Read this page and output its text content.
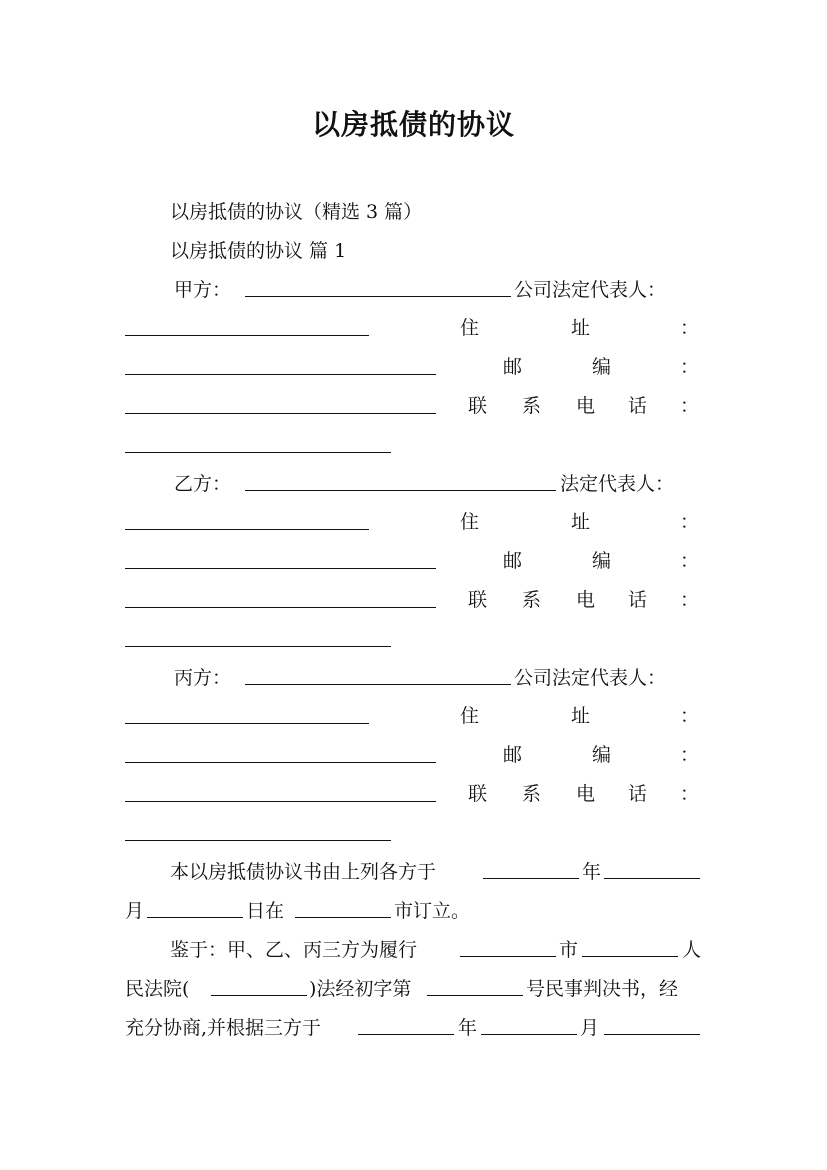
以房抵债的协议
以房抵债的协议（精选 3 篇）
以房抵债的协议 篇 1
甲方：	公司法定代表人：
住	址	：
邮	编	：
联 系 电 话 ：
乙方：	法定代表人：
住	址	：
邮	编	：
联 系 电 话 ：
丙方：	公司法定代表人：
住	址	：
邮	编	：
联 系 电 话 ：
本以房抵债协议书由上列各方于	年
月	日在	市订立。
鉴于：甲、乙、丙三方为履行	市	人
民法院(	)法经初字第	号民事判决书，经
充分协商,并根据三方于	年	月
